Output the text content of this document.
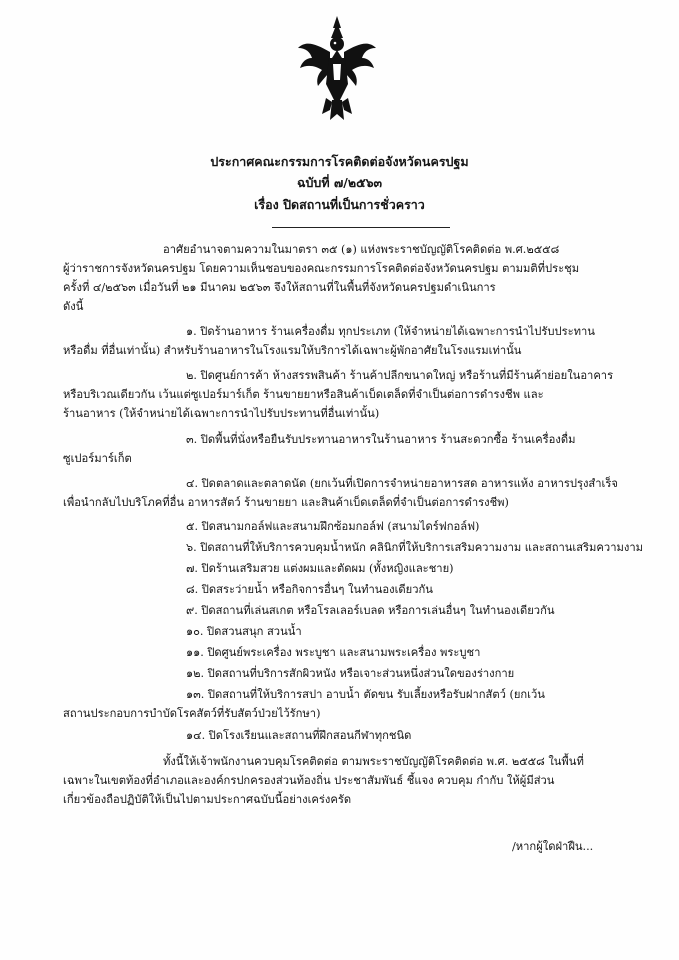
ประกาศคณะกรรมการโรคติดต่อจังหวัดนครปฐม
ฉบับที่ ๗/๒๕๖๓
เรื่อง ปิดสถานที่เป็นการชั่วคราว
อาศัยอำนาจตามความในมาตรา ๓๕ (๑) แห่งพระราชบัญญัติโรคติดต่อ พ.ศ.๒๕๕๘
ผู้ว่าราชการจังหวัดนครปฐม โดยความเห็นชอบของคณะกรรมการโรคติดต่อจังหวัดนครปฐม ตามมติที่ประชุม
ครั้งที่ ๔/๒๕๖๓ เมื่อวันที่ ๒๑ มีนาคม ๒๕๖๓ จึงให้สถานที่ในพื้นที่จังหวัดนครปฐมดำเนินการ
ดังนี้
๑. ปิดร้านอาหาร ร้านเครื่องดื่ม ทุกประเภท (ให้จำหน่ายได้เฉพาะการนำไปรับประทาน
หรือดื่ม ที่อื่นเท่านั้น) สำหรับร้านอาหารในโรงแรมให้บริการได้เฉพาะผู้พักอาศัยในโรงแรมเท่านั้น
๒. ปิดศูนย์การค้า ห้างสรรพสินค้า ร้านค้าปลีกขนาดใหญ่ หรือร้านที่มีร้านค้าย่อยในอาคาร
หรือบริเวณเดียวกัน เว้นแต่ซูเปอร์มาร์เก็ต ร้านขายยาหรือสินค้าเบ็ดเตล็ดที่จำเป็นต่อการดำรงชีพ และ
ร้านอาหาร (ให้จำหน่ายได้เฉพาะการนำไปรับประทานที่อื่นเท่านั้น)
๓. ปิดพื้นที่นั่งหรือยืนรับประทานอาหารในร้านอาหาร ร้านสะดวกซื้อ ร้านเครื่องดื่ม
ซูเปอร์มาร์เก็ต
๔. ปิดตลาดและตลาดนัด (ยกเว้นที่เปิดการจำหน่ายอาหารสด อาหารแห้ง อาหารปรุงสำเร็จ
เพื่อนำกลับไปบริโภคที่อื่น อาหารสัตว์ ร้านขายยา และสินค้าเบ็ดเตล็ดที่จำเป็นต่อการดำรงชีพ)
๕. ปิดสนามกอล์ฟและสนามฝึกซ้อมกอล์ฟ (สนามไดร์ฟกอล์ฟ)
๖. ปิดสถานที่ให้บริการควบคุมน้ำหนัก คลินิกที่ให้บริการเสริมความงาม และสถานเสริมความงาม
๗. ปิดร้านเสริมสวย แต่งผมและตัดผม (ทั้งหญิงและชาย)
๘. ปิดสระว่ายน้ำ หรือกิจการอื่นๆ ในทำนองเดียวกัน
๙. ปิดสถานที่เล่นสเกต หรือโรลเลอร์เบลด หรือการเล่นอื่นๆ ในทำนองเดียวกัน
๑๐. ปิดสวนสนุก สวนน้ำ
๑๑. ปิดศูนย์พระเครื่อง พระบูชา และสนามพระเครื่อง พระบูชา
๑๒. ปิดสถานที่บริการสักผิวหนัง หรือเจาะส่วนหนึ่งส่วนใดของร่างกาย
๑๓. ปิดสถานที่ให้บริการสปา อาบน้ำ ตัดขน รับเลี้ยงหรือรับฝากสัตว์ (ยกเว้น
สถานประกอบการบำบัดโรคสัตว์ที่รับสัตว์ป่วยไว้รักษา)
๑๔. ปิดโรงเรียนและสถานที่ฝึกสอนกีฬาทุกชนิด
ทั้งนี้ให้เจ้าพนักงานควบคุมโรคติดต่อ ตามพระราชบัญญัติโรคติดต่อ พ.ศ. ๒๕๕๘ ในพื้นที่
เฉพาะในเขตท้องที่อำเภอและองค์กรปกครองส่วนท้องถิ่น ประชาสัมพันธ์ ชี้แจง ควบคุม กำกับ ให้ผู้มีส่วน
เกี่ยวข้องถือปฏิบัติให้เป็นไปตามประกาศฉบับนี้อย่างเคร่งครัด
/หากผู้ใดฝ่าฝืน...
